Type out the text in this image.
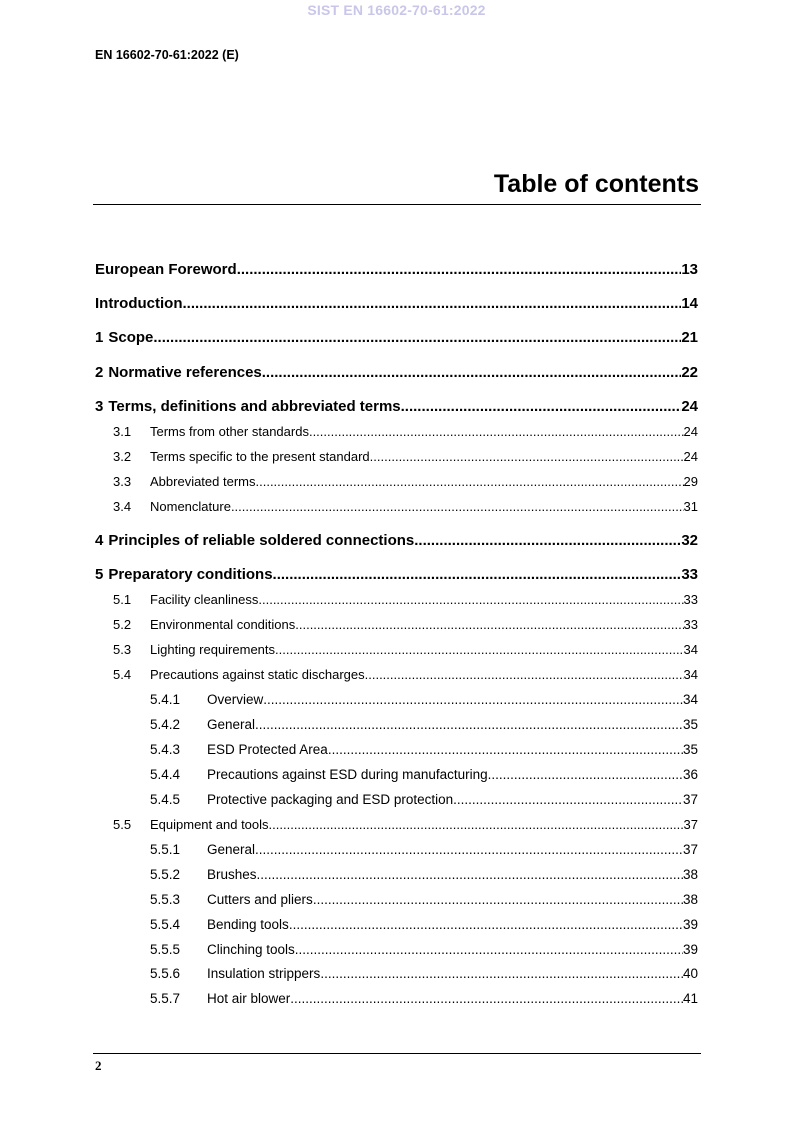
SIST EN 16602-70-61:2022
EN 16602-70-61:2022 (E)
Table of contents
European Foreword .....	13
Introduction .....	14
1 Scope .....	21
2 Normative references .....	22
3 Terms, definitions and abbreviated terms .....	24
3.1	Terms from other standards .....	24
3.2	Terms specific to the present standard .....	24
3.3	Abbreviated terms .....	29
3.4	Nomenclature .....	31
4 Principles of reliable soldered connections .....	32
5 Preparatory conditions .....	33
5.1	Facility cleanliness .....	33
5.2	Environmental conditions .....	33
5.3	Lighting requirements .....	34
5.4	Precautions against static discharges .....	34
5.4.1	Overview .....	34
5.4.2	General .....	35
5.4.3	ESD Protected Area .....	35
5.4.4	Precautions against ESD during manufacturing .....	36
5.4.5	Protective packaging and ESD protection .....	37
5.5	Equipment and tools .....	37
5.5.1	General .....	37
5.5.2	Brushes .....	38
5.5.3	Cutters and pliers .....	38
5.5.4	Bending tools .....	39
5.5.5	Clinching tools .....	39
5.5.6	Insulation strippers .....	40
5.5.7	Hot air blower .....	41
2
